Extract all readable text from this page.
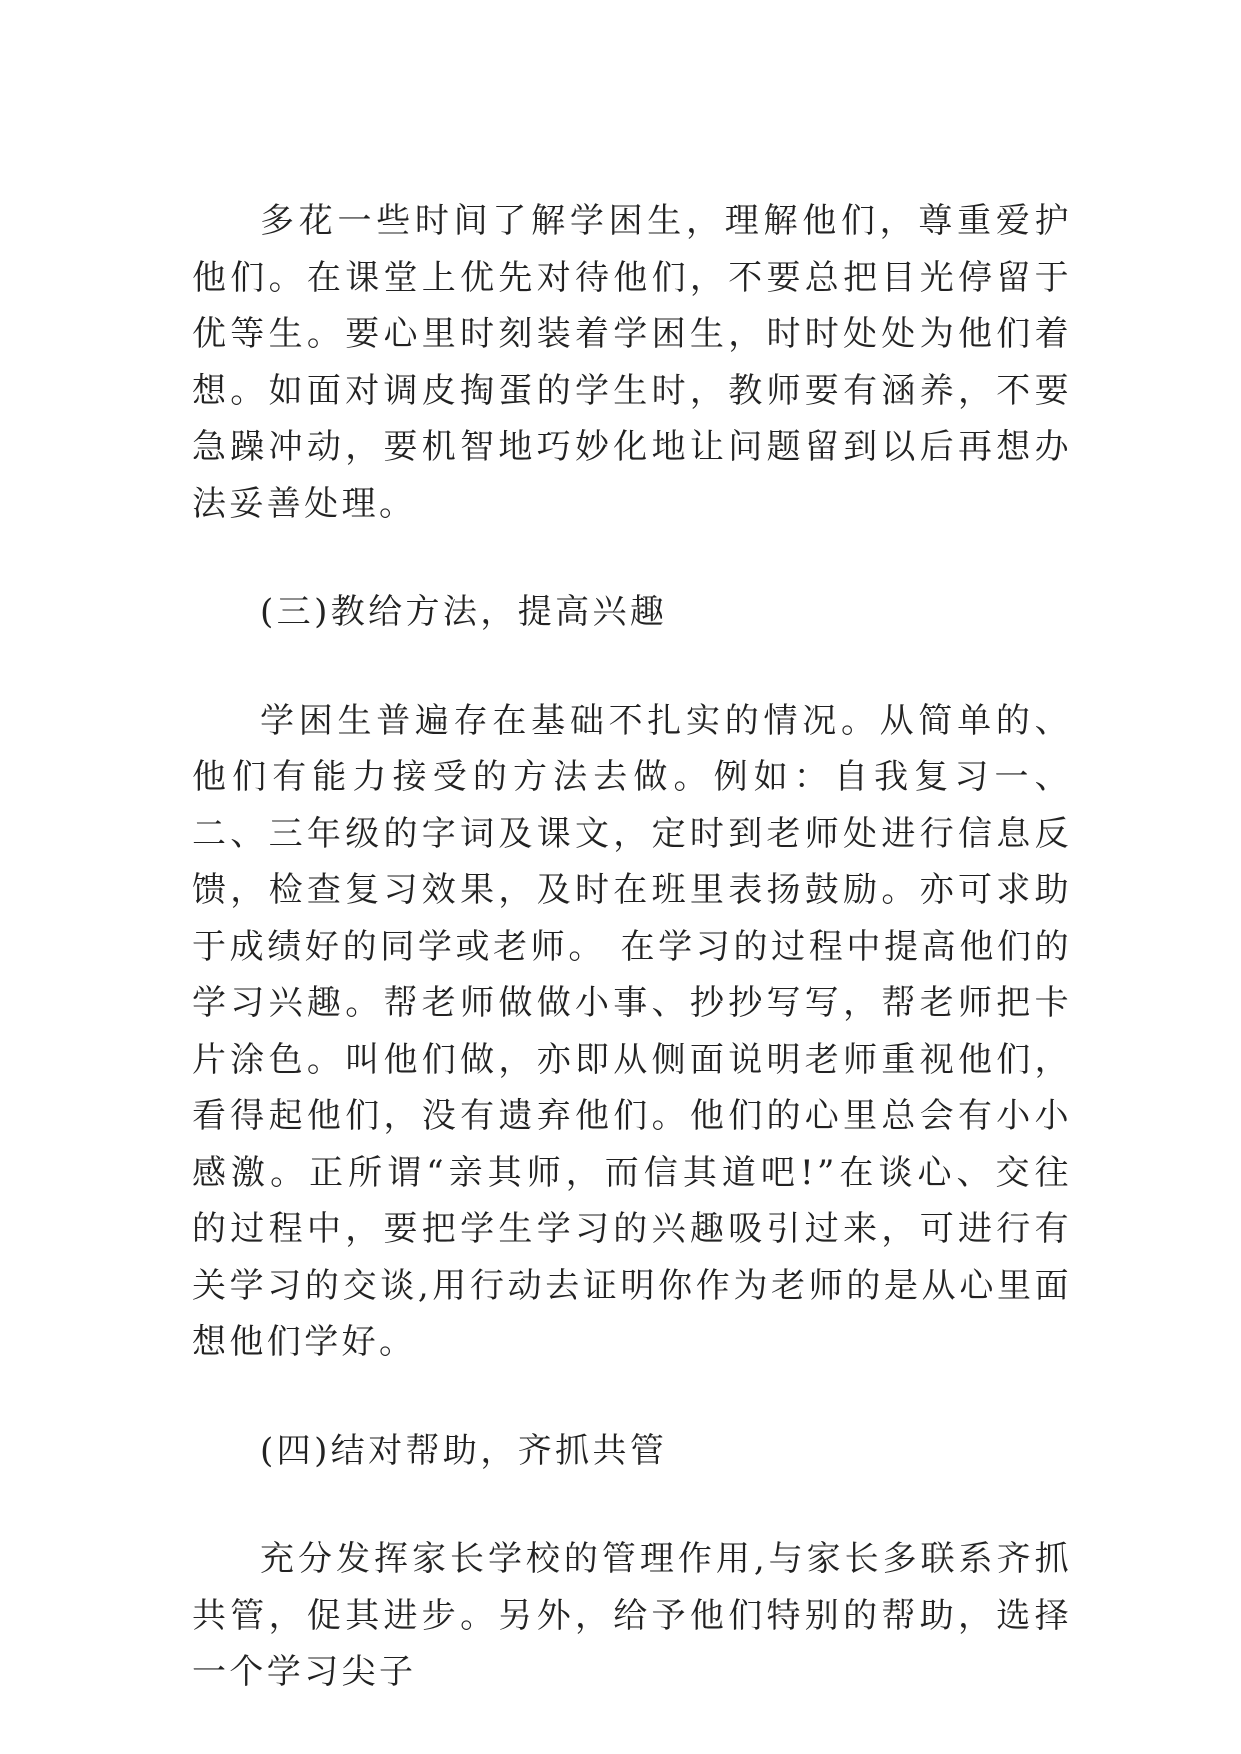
多花一些时间了解学困生，理解他们，尊重爱护他们。在课堂上优先对待他们，不要总把目光停留于优等生。要心里时刻装着学困生，时时处处为他们着想。如面对调皮掏蛋的学生时，教师要有涵养，不要急躁冲动，要机智地巧妙化地让问题留到以后再想办法妥善处理。

(三)教给方法，提高兴趣

学困生普遍存在基础不扎实的情况。从简单的、他们有能力接受的方法去做。例如：自我复习一、二、三年级的字词及课文，定时到老师处进行信息反馈，检查复习效果，及时在班里表扬鼓励。亦可求助于成绩好的同学或老师。 在学习的过程中提高他们的学习兴趣。帮老师做做小事、抄抄写写，帮老师把卡片涂色。叫他们做，亦即从侧面说明老师重视他们，看得起他们，没有遗弃他们。他们的心里总会有小小感激。正所谓“亲其师，而信其道吧!”在谈心、交往的过程中，要把学生学习的兴趣吸引过来，可进行有关学习的交谈,用行动去证明你作为老师的是从心里面想他们学好。

(四)结对帮助，齐抓共管

充分发挥家长学校的管理作用,与家长多联系齐抓共管，促其进步。另外，给予他们特别的帮助，选择一个学习尖子
